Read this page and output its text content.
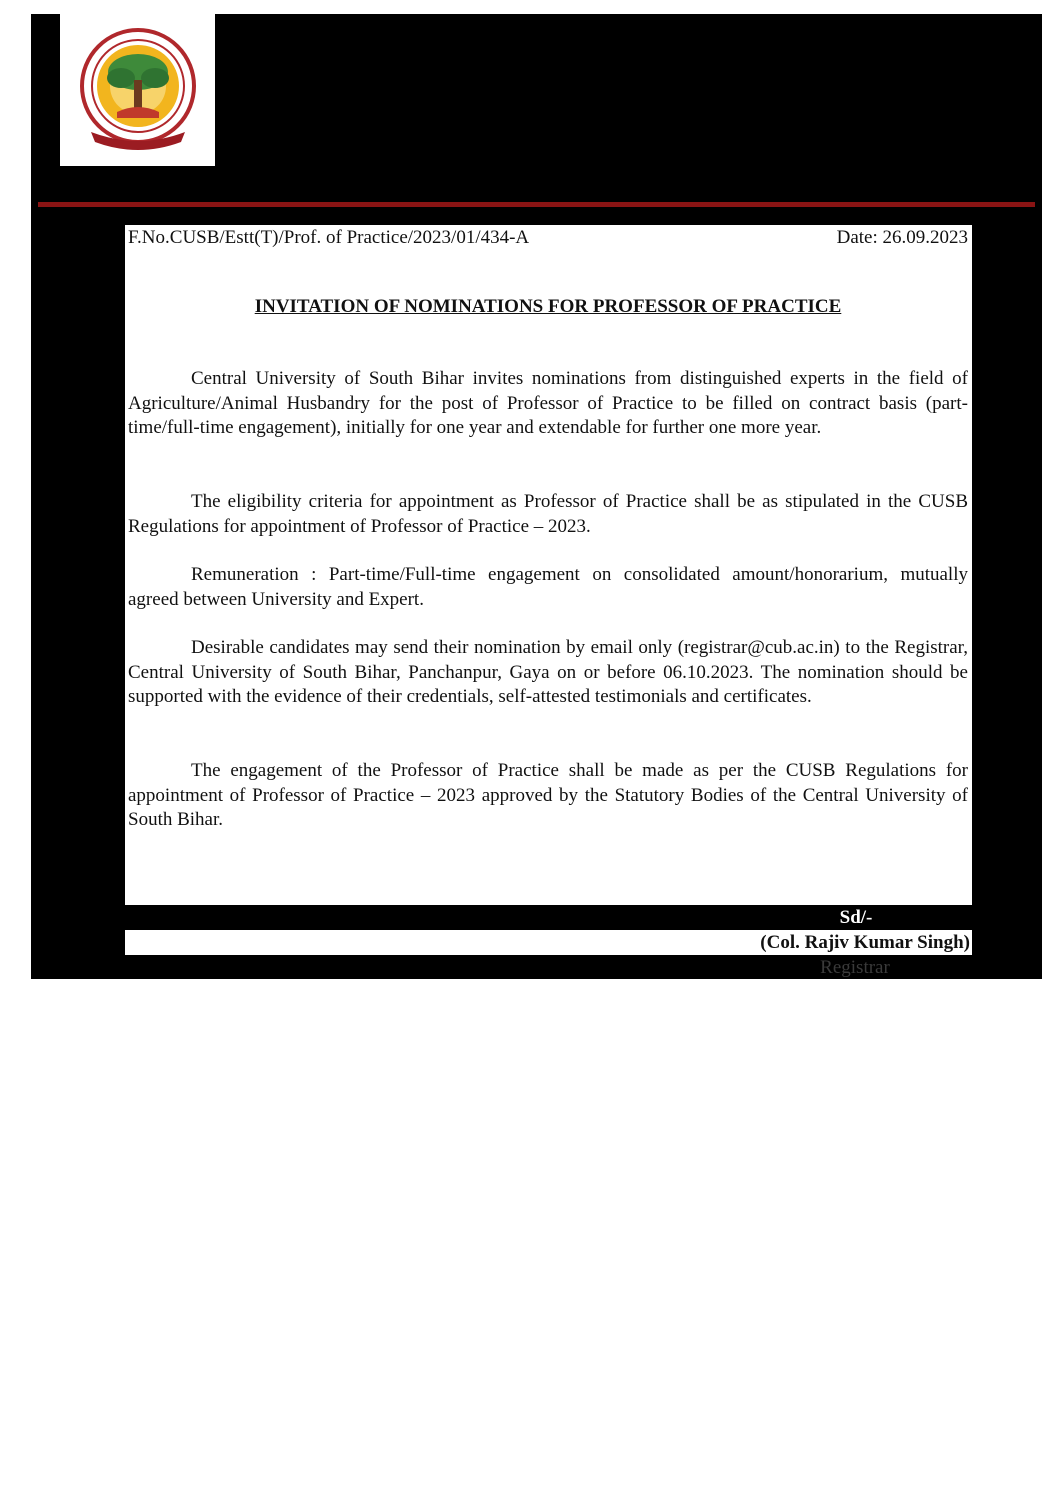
F.No.CUSB/Estt(T)/Prof. of Practice/2023/01/434-A	Date: 26.09.2023
INVITATION OF NOMINATIONS FOR PROFESSOR OF PRACTICE

Central University of South Bihar invites nominations from distinguished experts in the field of Agriculture/Animal Husbandry for the post of Professor of Practice to be filled on contract basis (part-time/full-time engagement), initially for one year and extendable for further one more year.

The eligibility criteria for appointment as Professor of Practice shall be as stipulated in the CUSB Regulations for appointment of Professor of Practice – 2023.

Remuneration : Part-time/Full-time engagement on consolidated amount/honorarium, mutually agreed between University and Expert.

Desirable candidates may send their nomination by email only (registrar@cub.ac.in) to the Registrar, Central University of South Bihar, Panchanpur, Gaya on or before 06.10.2023. The nomination should be supported with the evidence of their credentials, self-attested testimonials and certificates.

The engagement of the Professor of Practice shall be made as per the CUSB Regulations for appointment of Professor of Practice – 2023 approved by the Statutory Bodies of the Central University of South Bihar.

Sd/-
(Col. Rajiv Kumar Singh)
Registrar
